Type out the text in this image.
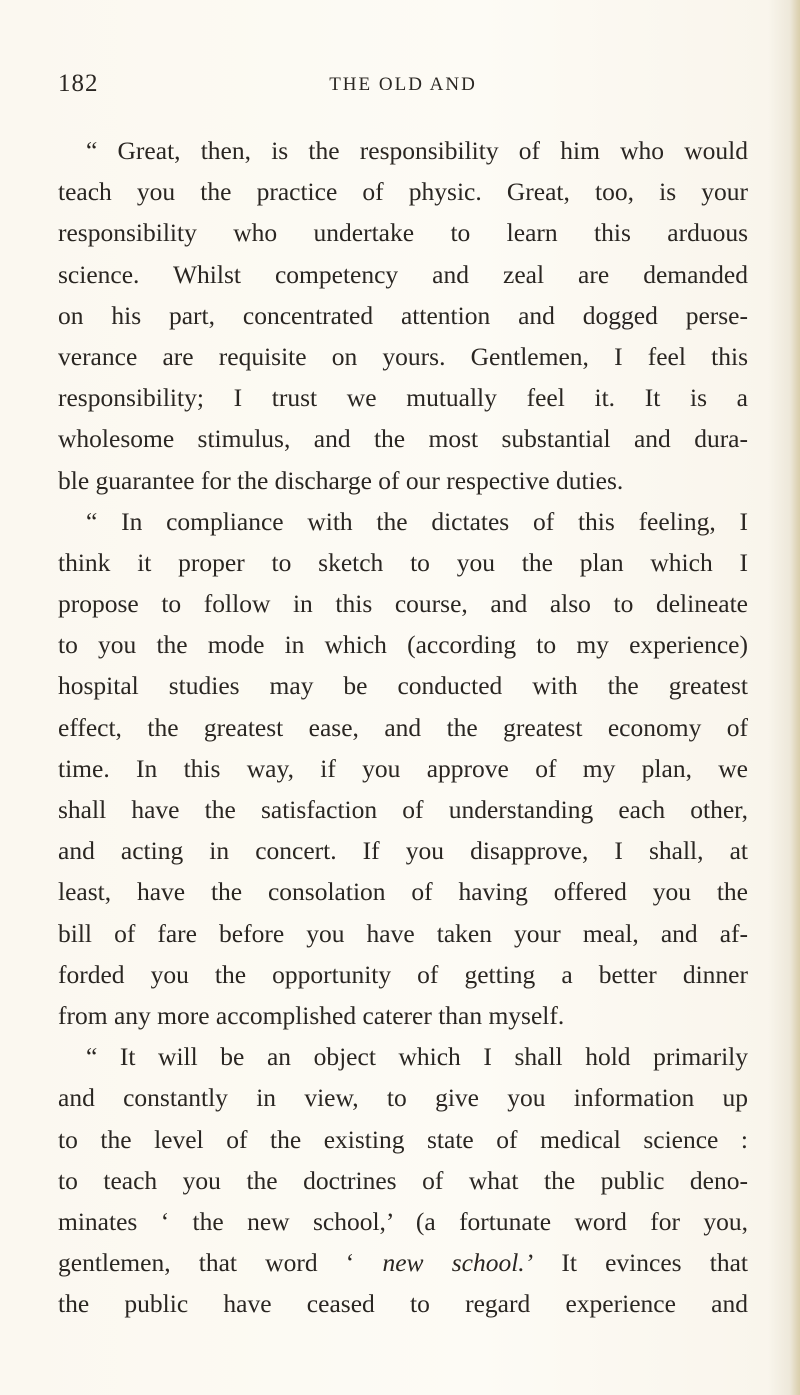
182	THE OLD AND
“ Great, then, is the responsibility of him who would
teach you the practice of physic. Great, too, is your
responsibility who undertake to learn this arduous
science. Whilst competency and zeal are demanded
on his part, concentrated attention and dogged perse-
verance are requisite on yours. Gentlemen, I feel this
responsibility; I trust we mutually feel it. It is a
wholesome stimulus, and the most substantial and dura-
ble guarantee for the discharge of our respective duties.
“ In compliance with the dictates of this feeling, I
think it proper to sketch to you the plan which I
propose to follow in this course, and also to delineate
to you the mode in which (according to my experience)
hospital studies may be conducted with the greatest
effect, the greatest ease, and the greatest economy of
time. In this way, if you approve of my plan, we
shall have the satisfaction of understanding each other,
and acting in concert. If you disapprove, I shall, at
least, have the consolation of having offered you the
bill of fare before you have taken your meal, and af-
forded you the opportunity of getting a better dinner
from any more accomplished caterer than myself.
“ It will be an object which I shall hold primarily
and constantly in view, to give you information up
to the level of the existing state of medical science :
to teach you the doctrines of what the public deno-
minates ‘ the new school,’ (a fortunate word for you,
gentlemen, that word ‘ new school.’ It evinces that
the public have ceased to regard experience and
